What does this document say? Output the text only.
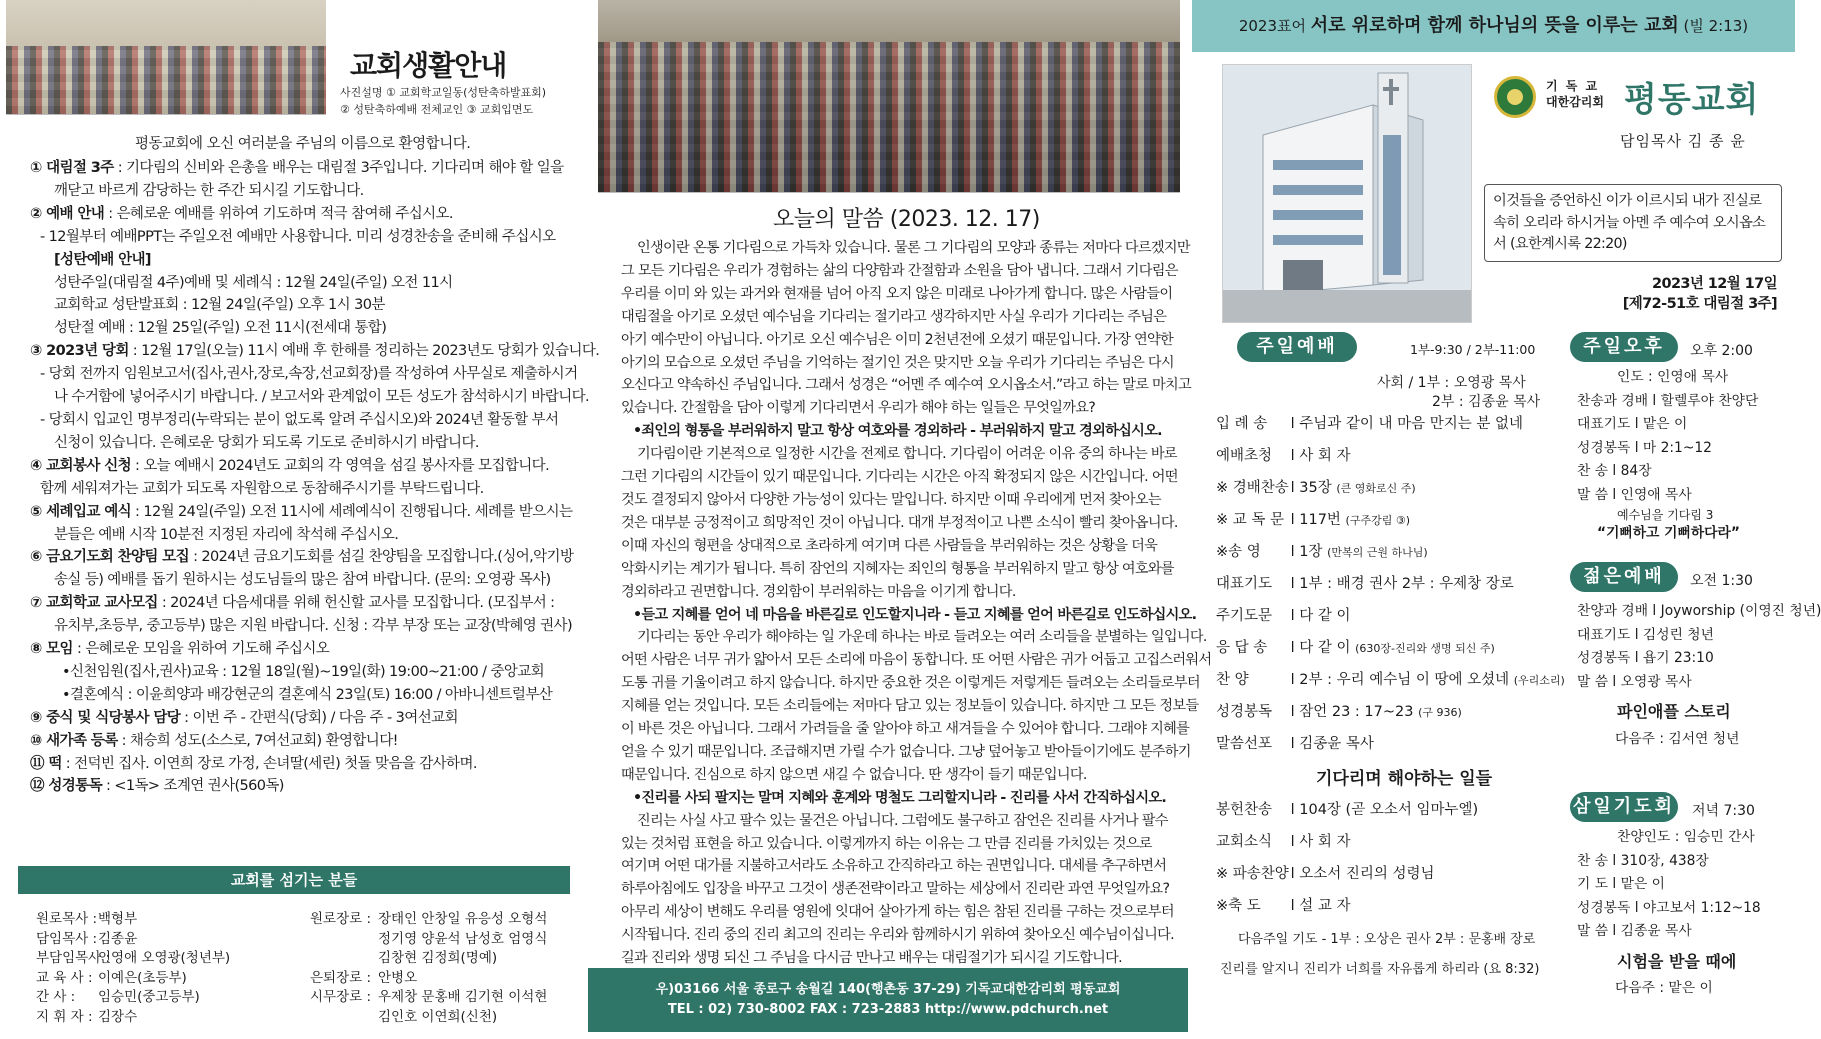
교회생활안내
사진설명 ① 교회학교일동(성탄축하발표회)
② 성탄축하예배 전체교인 ③ 교회입면도
평동교회에 오신 여러분을 주님의 이름으로 환영합니다.
① 대림절 3주 : 기다림의 신비와 은총을 배우는 대림절 3주입니다. 기다리며 해야 할 일을
깨닫고 바르게 감당하는 한 주간 되시길 기도합니다.
② 예배 안내 : 은혜로운 예배를 위하여 기도하며 적극 참여해 주십시오.
- 12월부터 예배PPT는 주일오전 예배만 사용합니다. 미리 성경찬송을 준비해 주십시오
[성탄예배 안내]
성탄주일(대림절 4주)예배 및 세례식 : 12월 24일(주일) 오전 11시
교회학교 성탄발표회 : 12월 24일(주일) 오후 1시 30분
성탄절 예배 : 12월 25일(주일) 오전 11시(전세대 통합)
③ 2023년 당회 : 12월 17일(오늘) 11시 예배 후 한해를 정리하는 2023년도 당회가 있습니다.
- 당회 전까지 임원보고서(집사,권사,장로,속장,선교회장)를 작성하여 사무실로 제출하시거
나 수거함에 넣어주시기 바랍니다. / 보고서와 관계없이 모든 성도가 참석하시기 바랍니다.
- 당회시 입교인 명부정리(누락되는 분이 없도록 알려 주십시오)와 2024년 활동할 부서
신청이 있습니다. 은혜로운 당회가 되도록 기도로 준비하시기 바랍니다.
④ 교회봉사 신청 : 오늘 예배시 2024년도 교회의 각 영역을 섬길 봉사자를 모집합니다.
함께 세워져가는 교회가 되도록 자원함으로 동참해주시기를 부탁드립니다.
⑤ 세례입교 예식 : 12월 24일(주일) 오전 11시에 세례예식이 진행됩니다. 세례를 받으시는
분들은 예배 시작 10분전 지정된 자리에 착석해 주십시오.
⑥ 금요기도회 찬양팀 모집 : 2024년 금요기도회를 섬길 찬양팀을 모집합니다.(싱어,악기방
송실 등) 예배를 돕기 원하시는 성도님들의 많은 참여 바랍니다. (문의: 오영광 목사)
⑦ 교회학교 교사모집 : 2024년 다음세대를 위해 헌신할 교사를 모집합니다. (모집부서 :
유치부,초등부, 중고등부) 많은 지원 바랍니다. 신청 : 각부 부장 또는 교장(박혜영 권사)
⑧ 모임 : 은혜로운 모임을 위하여 기도해 주십시오
•신천임원(집사,권사)교육 : 12월 18일(월)~19일(화) 19:00~21:00 / 중앙교회
•결혼예식 : 이윤희양과 배강현군의 결혼예식 23일(토) 16:00 / 아바니센트럴부산
⑨ 중식 및 식당봉사 담당 : 이번 주 - 간편식(당회) / 다음 주 - 3여선교회
⑩ 새가족 등록 : 채승희 성도(소스로, 7여선교회) 환영합니다!
⑪ 떡 : 전덕빈 집사. 이연희 장로 가정, 손녀딸(세린) 첫돌 맞음을 감사하며.
⑫ 성경통독 : <1독> 조계연 권사(560독)
교회를 섬기는 분들
원로목사 :백형부
담임목사 :김종윤
부담임목사 :인영애 오영광(청년부)
교 육 사 : 이예은(초등부)
간 사 : 임승민(중고등부)
지 휘 자 : 김장수
원로장로 : 장태인 안창일 유응성 오형석
정기영 양윤석 남성호 엄영식
김창현 김정희(명예)
은퇴장로 : 안병오
시무장로 : 우제창 문홍배 김기현 이석현
김인호 이연희(신천)
오늘의 말씀 (2023. 12. 17)
인생이란 온통 기다림으로 가득차 있습니다. 물론 그 기다림의 모양과 종류는 저마다 다르겠지만
그 모든 기다림은 우리가 경험하는 삶의 다양함과 간절함과 소원을 담아 냅니다. 그래서 기다림은
우리를 이미 와 있는 과거와 현재를 넘어 아직 오지 않은 미래로 나아가게 합니다. 많은 사람들이
대림절을 아기로 오셨던 예수님을 기다리는 절기라고 생각하지만 사실 우리가 기다리는 주님은
아기 예수만이 아닙니다. 아기로 오신 예수님은 이미 2천년전에 오셨기 때문입니다. 가장 연약한
아기의 모습으로 오셨던 주님을 기억하는 절기인 것은 맞지만 오늘 우리가 기다리는 주님은 다시
오신다고 약속하신 주님입니다. 그래서 성경은 “어멘 주 예수여 오시옵소서.”라고 하는 말로 마치고
있습니다. 간절함을 담아 이렇게 기다리면서 우리가 해야 하는 일들은 무엇일까요?
•죄인의 형통을 부러워하지 말고 항상 여호와를 경외하라 - 부러워하지 말고 경외하십시오.
기다림이란 기본적으로 일정한 시간을 전제로 합니다. 기다림이 어려운 이유 중의 하나는 바로
그런 기다림의 시간들이 있기 때문입니다. 기다리는 시간은 아직 확정되지 않은 시간입니다. 어떤
것도 결정되지 않아서 다양한 가능성이 있다는 말입니다. 하지만 이때 우리에게 먼저 찾아오는
것은 대부분 긍정적이고 희망적인 것이 아닙니다. 대개 부정적이고 나쁜 소식이 빨리 찾아옵니다.
이때 자신의 형편을 상대적으로 초라하게 여기며 다른 사람들을 부러워하는 것은 상황을 더욱
악화시키는 계기가 됩니다. 특히 잠언의 지혜자는 죄인의 형통을 부러워하지 말고 항상 여호와를
경외하라고 권면합니다. 경외함이 부러워하는 마음을 이기게 합니다.
•듣고 지혜를 얻어 네 마음을 바른길로 인도할지니라 - 듣고 지혜를 얻어 바른길로 인도하십시오.
기다리는 동안 우리가 해야하는 일 가운데 하나는 바로 들려오는 여러 소리들을 분별하는 일입니다.
어떤 사람은 너무 귀가 얇아서 모든 소리에 마음이 동합니다. 또 어떤 사람은 귀가 어둡고 고집스러워서
도통 귀를 기울이려고 하지 않습니다. 하지만 중요한 것은 이렇게든 저렇게든 들려오는 소리들로부터
지혜를 얻는 것입니다. 모든 소리들에는 저마다 담고 있는 정보들이 있습니다. 하지만 그 모든 정보들
이 바른 것은 아닙니다. 그래서 가려들을 줄 알아야 하고 새겨들을 수 있어야 합니다. 그래야 지혜를
얻을 수 있기 때문입니다. 조급해지면 가릴 수가 없습니다. 그냥 덮어놓고 받아들이기에도 분주하기
때문입니다. 진심으로 하지 않으면 새길 수 없습니다. 딴 생각이 들기 때문입니다.
•진리를 사되 팔지는 말며 지혜와 훈계와 명철도 그리할지니라 - 진리를 사서 간직하십시오.
진리는 사실 사고 팔수 있는 물건은 아닙니다. 그럼에도 불구하고 잠언은 진리를 사거나 팔수
있는 것처럼 표현을 하고 있습니다. 이렇게까지 하는 이유는 그 만큼 진리를 가치있는 것으로
여기며 어떤 대가를 지불하고서라도 소유하고 간직하라고 하는 권면입니다. 대세를 추구하면서
하루아침에도 입장을 바꾸고 그것이 생존전략이라고 말하는 세상에서 진리란 과연 무엇일까요?
아무리 세상이 변해도 우리를 영원에 잇대어 살아가게 하는 힘은 참된 진리를 구하는 것으로부터
시작됩니다. 진리 중의 진리 최고의 진리는 우리와 함께하시기 위하여 찾아오신 예수님이십니다.
길과 진리와 생명 되신 그 주님을 다시금 만나고 배우는 대림절기가 되시길 기도합니다.
우)03166 서울 종로구 송월길 140(행촌동 37-29) 기독교대한감리회 평동교회
TEL : 02) 730-8002 FAX : 723-2883 http://www.pdchurch.net
2023표어 서로 위로하며 함께 하나님의 뜻을 이루는 교회 (빌 2:13)
기 독 교
대한감리회 평동교회
담임목사 김 종 윤
이것들을 증언하신 이가 이르시되 내가 진실로 속히 오리라 하시거늘 아멘 주 예수여 오시옵소서 (요한계시록 22:20)
2023년 12월 17일
[제72-51호 대림절 3주]
주일예배	1부-9:30 / 2부-11:00
사회 / 1부 : 오영광 목사
2부 : 김종윤 목사
입 례 송 l 주님과 같이 내 마음 만지는 분 없네
예배초청 l 사 회 자
※ 경배찬송 l 35장 (큰 영화로신 주)
※ 교 독 문 l 117번 (구주강림 ③)
※송 영 l 1장 (만복의 근원 하나님)
대표기도 l 1부 : 배경 권사 2부 : 우제창 장로
주기도문 l 다 같 이
응 답 송 l 다 같 이 (630장-진리와 생명 되신 주)
찬 양	l 2부 : 우리 예수님 이 땅에 오셨네 (우리소리)
성경봉독 l 잠언 23 : 17~23 (구 936)
말씀선포 l 김종윤 목사
기다리며 해야하는 일들
봉헌찬송 l 104장 (곧 오소서 임마누엘)
교회소식 l 사 회 자
※ 파송찬양 l 오소서 진리의 성령님
※축 도 l 설 교 자
다음주일 기도 - 1부 : 오상은 권사 2부 : 문홍배 장로
진리를 알지니 진리가 너희를 자유롭게 하리라 (요 8:32)
주일오후	오후 2:00
인도 : 인영애 목사
찬송과 경배 l 할렐루야 찬양단
대표기도 l 맡은 이
성경봉독 l 마 2:1~12
찬 송 l 84장
말 씀 l 인영애 목사
예수님을 기다림 3
“기뻐하고 기뻐하다라”
젊은예배	오전 1:30
찬양과 경배 l Joyworship (이영진 청년)
대표기도 l 김성린 청년
성경봉독 l 욥기 23:10
말 씀 l 오영광 목사
파인애플 스토리
다음주 : 김서연 청년
삼일기도회 저녁 7:30
찬양인도 : 임승민 간사
찬 송 l 310장, 438장
기 도 l 맡은 이
성경봉독 l 야고보서 1:12~18
말 씀 l 김종윤 목사
시험을 받을 때에
다음주 : 맡은 이
